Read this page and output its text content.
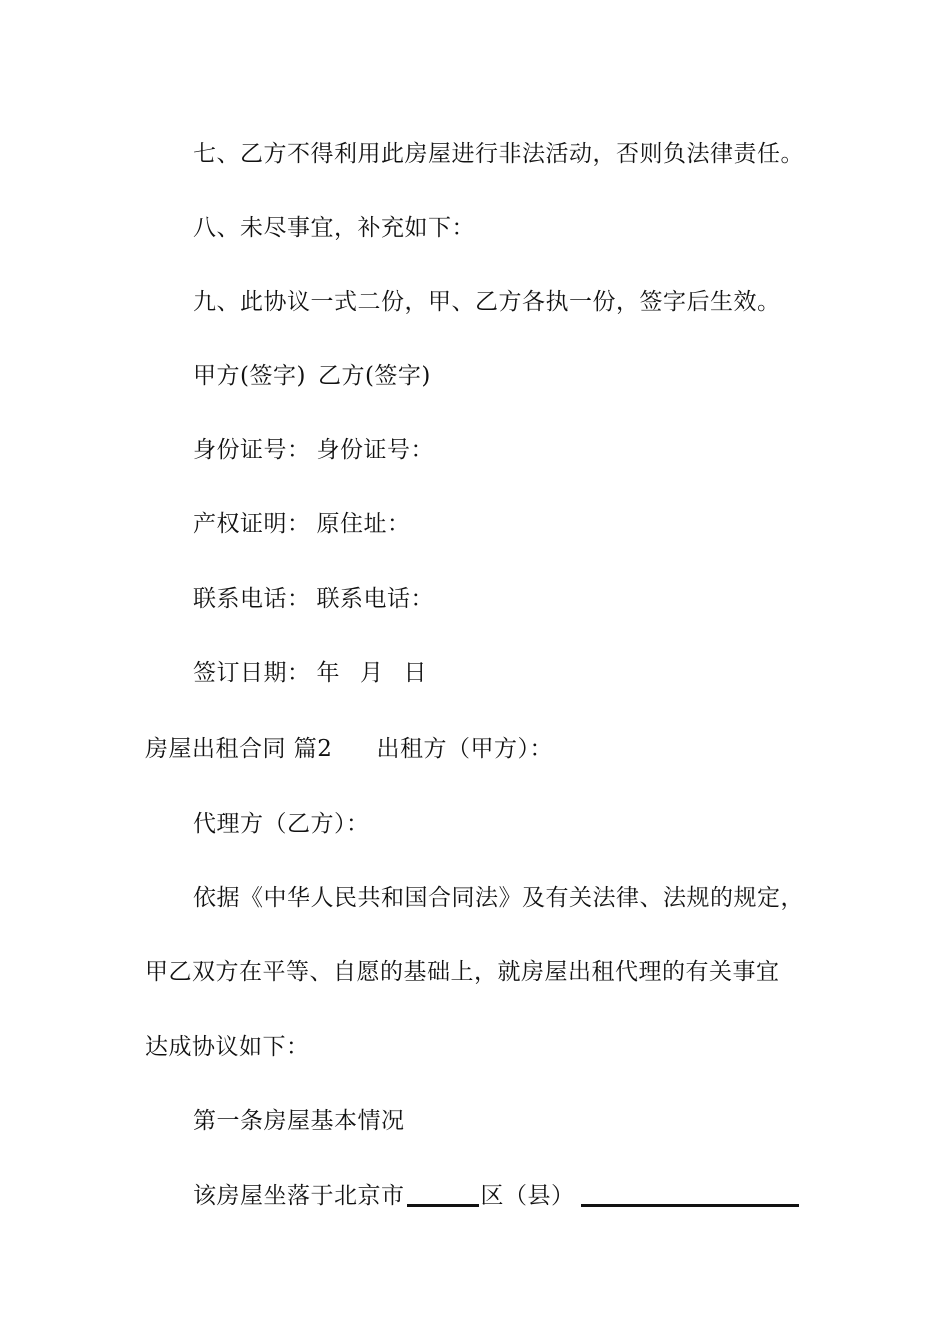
七、乙方不得利用此房屋进行非法活动，否则负法律责任。
八、未尽事宜，补充如下：
九、此协议一式二份，甲、乙方各执一份，签字后生效。
甲方(签字) 乙方(签字)
身份证号： 身份证号：
产权证明： 原住址：
联系电话： 联系电话：
签订日期： 年 月 日
房屋出租合同 篇2 出租方（甲方）：
代理方（乙方）：
依据《中华人民共和国合同法》及有关法律、法规的规定，
甲乙双方在平等、自愿的基础上，就房屋出租代理的有关事宜
达成协议如下：
第一条房屋基本情况
该房屋坐落于北京市	区（县）
